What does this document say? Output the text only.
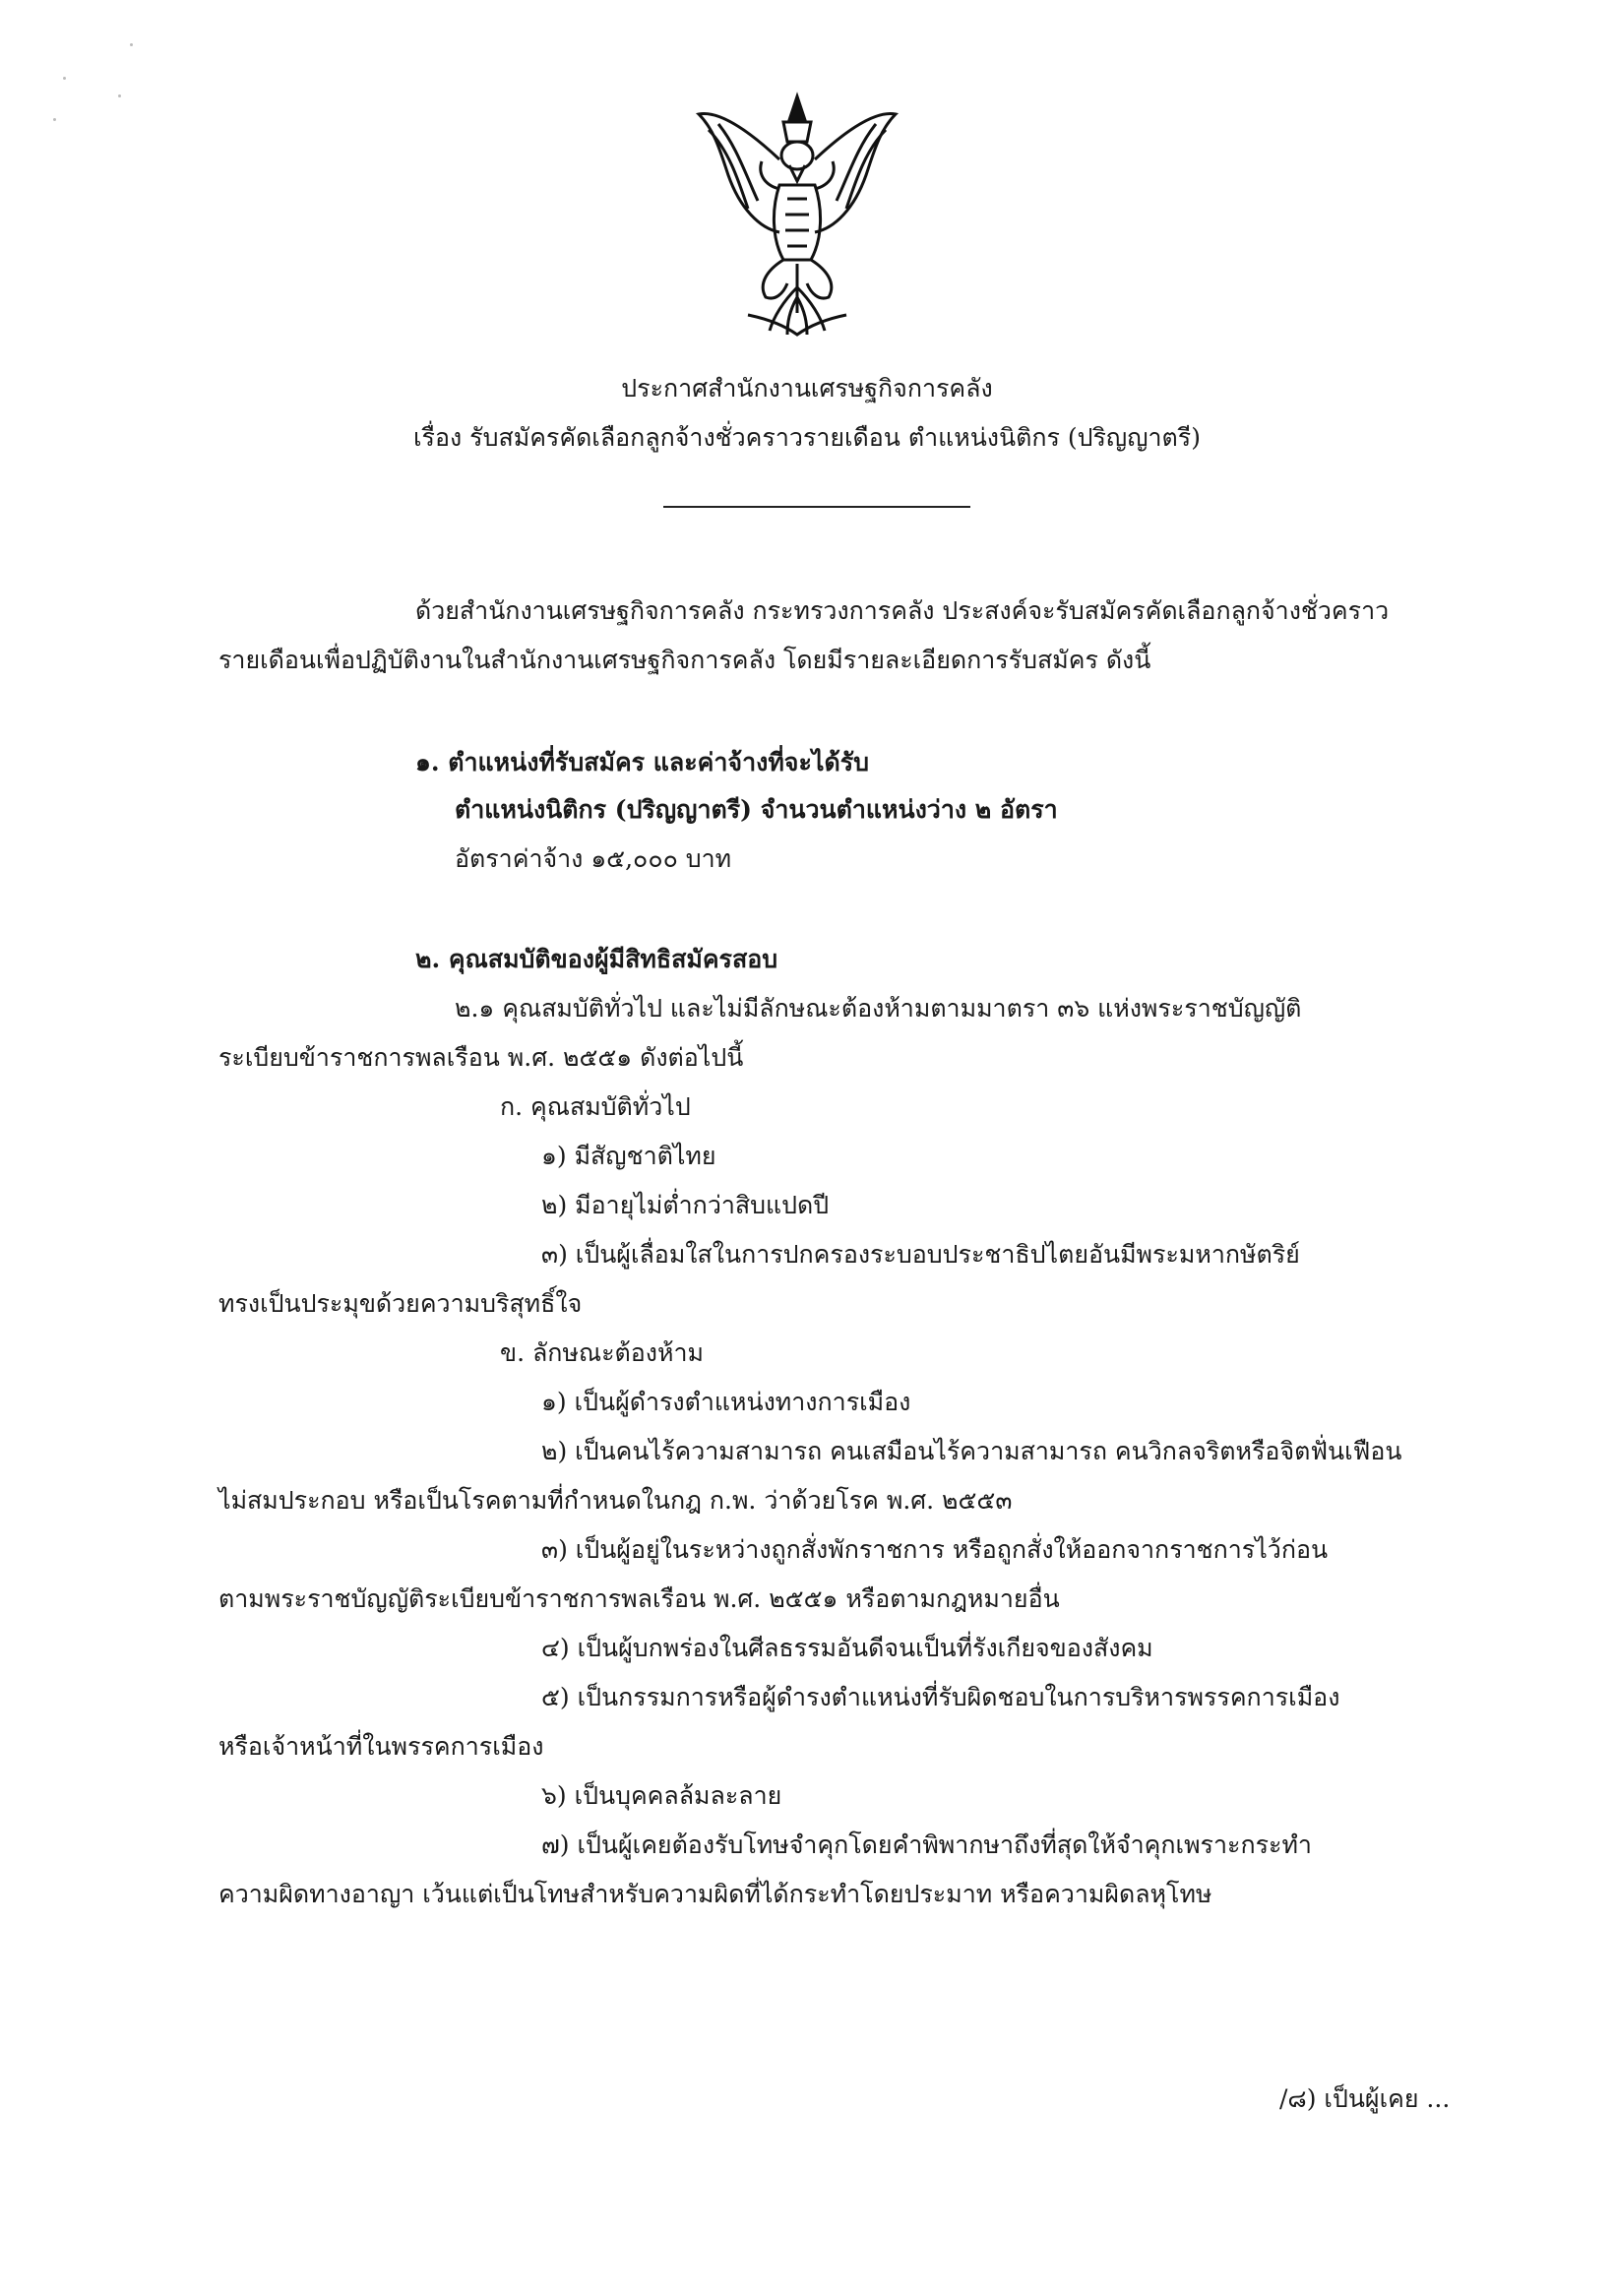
ประกาศสำนักงานเศรษฐกิจการคลัง
เรื่อง รับสมัครคัดเลือกลูกจ้างชั่วคราวรายเดือน ตำแหน่งนิติกร (ปริญญาตรี)
ด้วยสำนักงานเศรษฐกิจการคลัง กระทรวงการคลัง ประสงค์จะรับสมัครคัดเลือกลูกจ้างชั่วคราว
รายเดือนเพื่อปฏิบัติงานในสำนักงานเศรษฐกิจการคลัง โดยมีรายละเอียดการรับสมัคร ดังนี้
๑. ตำแหน่งที่รับสมัคร และค่าจ้างที่จะได้รับ
ตำแหน่งนิติกร (ปริญญาตรี) จำนวนตำแหน่งว่าง ๒ อัตรา
อัตราค่าจ้าง ๑๕,๐๐๐ บาท
๒. คุณสมบัติของผู้มีสิทธิสมัครสอบ
๒.๑ คุณสมบัติทั่วไป และไม่มีลักษณะต้องห้ามตามมาตรา ๓๖ แห่งพระราชบัญญัติ
ระเบียบข้าราชการพลเรือน พ.ศ. ๒๕๕๑ ดังต่อไปนี้
ก. คุณสมบัติทั่วไป
๑) มีสัญชาติไทย
๒) มีอายุไม่ต่ำกว่าสิบแปดปี
๓) เป็นผู้เลื่อมใสในการปกครองระบอบประชาธิปไตยอันมีพระมหากษัตริย์
ทรงเป็นประมุขด้วยความบริสุทธิ์ใจ
ข. ลักษณะต้องห้าม
๑) เป็นผู้ดำรงตำแหน่งทางการเมือง
๒) เป็นคนไร้ความสามารถ คนเสมือนไร้ความสามารถ คนวิกลจริตหรือจิตฟั่นเฟือน
ไม่สมประกอบ หรือเป็นโรคตามที่กำหนดในกฎ ก.พ. ว่าด้วยโรค พ.ศ. ๒๕๕๓
๓) เป็นผู้อยู่ในระหว่างถูกสั่งพักราชการ หรือถูกสั่งให้ออกจากราชการไว้ก่อน
ตามพระราชบัญญัติระเบียบข้าราชการพลเรือน พ.ศ. ๒๕๕๑ หรือตามกฎหมายอื่น
๔) เป็นผู้บกพร่องในศีลธรรมอันดีจนเป็นที่รังเกียจของสังคม
๕) เป็นกรรมการหรือผู้ดำรงตำแหน่งที่รับผิดชอบในการบริหารพรรคการเมือง
หรือเจ้าหน้าที่ในพรรคการเมือง
๖) เป็นบุคคลล้มละลาย
๗) เป็นผู้เคยต้องรับโทษจำคุกโดยคำพิพากษาถึงที่สุดให้จำคุกเพราะกระทำ
ความผิดทางอาญา เว้นแต่เป็นโทษสำหรับความผิดที่ได้กระทำโดยประมาท หรือความผิดลหุโทษ
/๘) เป็นผู้เคย ...
